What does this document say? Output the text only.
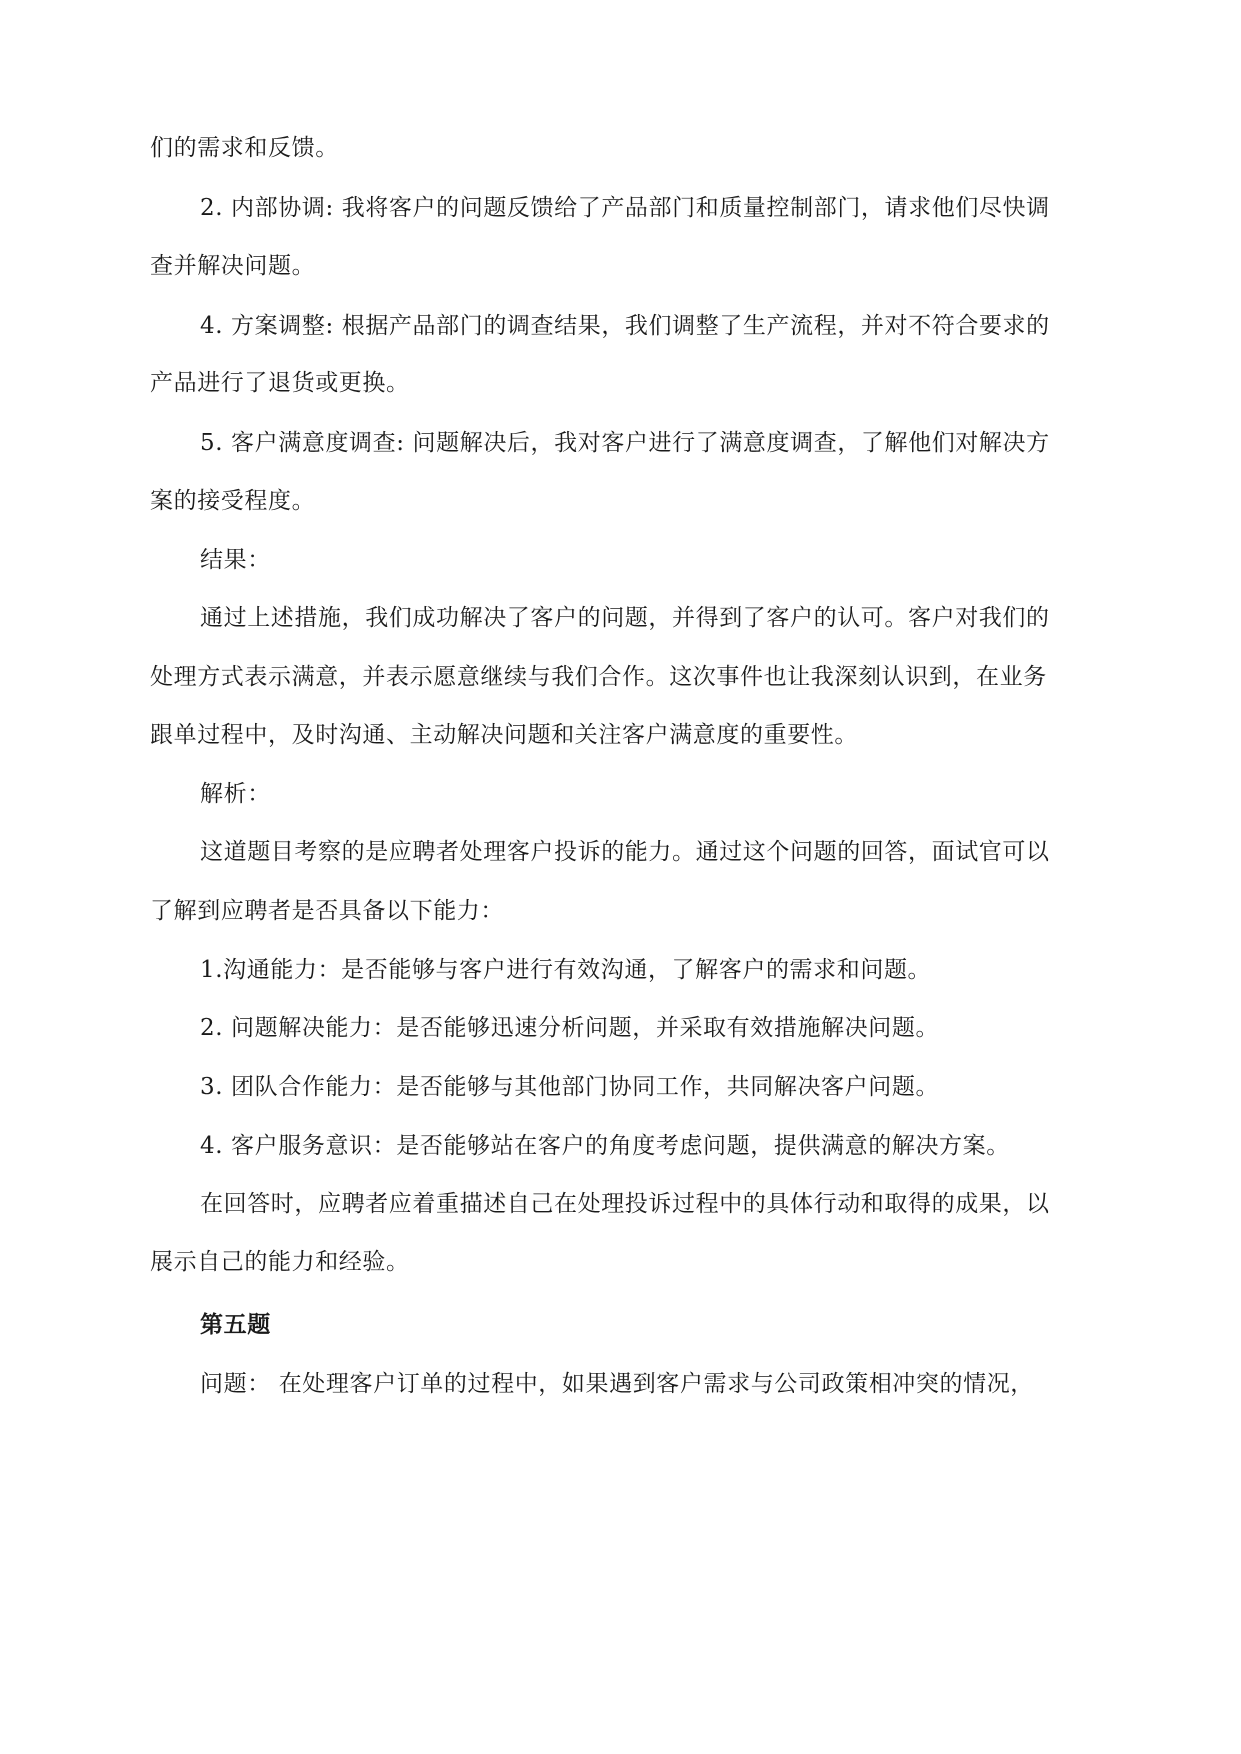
们的需求和反馈。
2. 内部协调: 我将客户的问题反馈给了产品部门和质量控制部门，请求他们尽快调
查并解决问题。
4. 方案调整: 根据产品部门的调查结果，我们调整了生产流程，并对不符合要求的
产品进行了退货或更换。
5. 客户满意度调查: 问题解决后，我对客户进行了满意度调查，了解他们对解决方
案的接受程度。
结果：
通过上述措施，我们成功解决了客户的问题，并得到了客户的认可。客户对我们的
处理方式表示满意，并表示愿意继续与我们合作。这次事件也让我深刻认识到，在业务
跟单过程中，及时沟通、主动解决问题和关注客户满意度的重要性。
解析：
这道题目考察的是应聘者处理客户投诉的能力。通过这个问题的回答，面试官可以
了解到应聘者是否具备以下能力：
1.沟通能力：是否能够与客户进行有效沟通，了解客户的需求和问题。
2. 问题解决能力：是否能够迅速分析问题，并采取有效措施解决问题。
3. 团队合作能力：是否能够与其他部门协同工作，共同解决客户问题。
4. 客户服务意识：是否能够站在客户的角度考虑问题，提供满意的解决方案。
在回答时，应聘者应着重描述自己在处理投诉过程中的具体行动和取得的成果，以
展示自己的能力和经验。
第五题
问题： 在处理客户订单的过程中，如果遇到客户需求与公司政策相冲突的情况，
